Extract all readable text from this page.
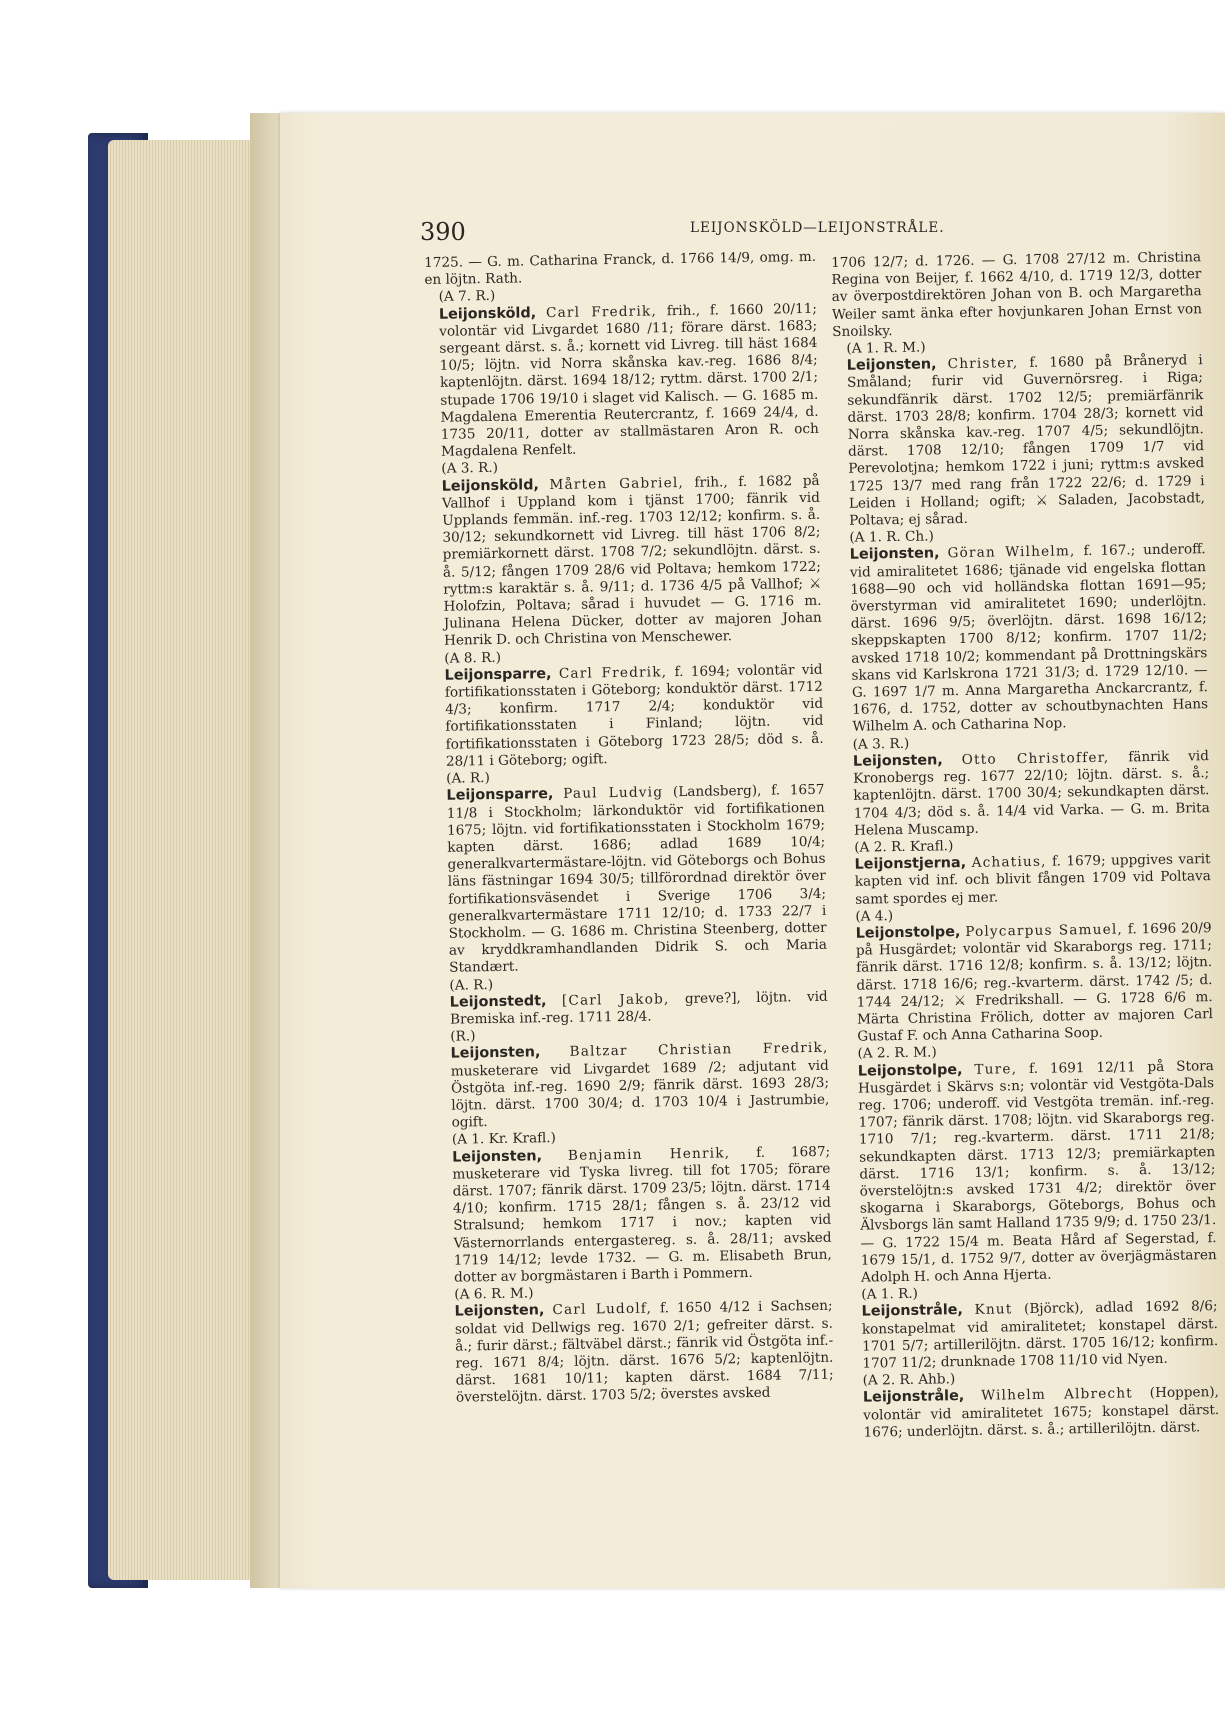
390	LEIJONSKÖLD—LEIJONSTRÅLE.

1725. — G. m. Catharina Franck, d. 1766 14/9, omg. m. en löjtn. Rath.

(A 7. R.)

Leijonsköld, Carl Fredrik, frih., f. 1660 20/11; volontär vid Livgardet 1680 /11; förare därst. 1683; sergeant därst. s. å.; kornett vid Livreg. till häst 1684 10/5; löjtn. vid Norra skånska kav.-reg. 1686 8/4; kaptenlöjtn. därst. 1694 18/12; ryttm. därst. 1700 2/1; stupade 1706 19/10 i slaget vid Kalisch. — G. 1685 m. Magdalena Emerentia Reutercrantz, f. 1669 24/4, d. 1735 20/11, dotter av stallmästaren Aron R. och Magdalena Renfelt.

(A 3. R.)

Leijonsköld, Mårten Gabriel, frih., f. 1682 på Vallhof i Uppland kom i tjänst 1700; fänrik vid Upplands femmän. inf.-reg. 1703 12/12; konfirm. s. å. 30/12; sekundkornett vid Livreg. till häst 1706 8/2; premiärkornett därst. 1708 7/2; sekundlöjtn. därst. s. å. 5/12; fången 1709 28/6 vid Poltava; hemkom 1722; ryttm:s karaktär s. å. 9/11; d. 1736 4/5 på Vallhof; ⚔ Holofzin, Poltava; sårad i huvudet — G. 1716 m. Julinana Helena Dücker, dotter av majoren Johan Henrik D. och Christina von Menschewer.

(A 8. R.)

Leijonsparre, Carl Fredrik, f. 1694; volontär vid fortifikationsstaten i Göteborg; konduktör därst. 1712 4/3; konfirm. 1717 2/4; konduktör vid fortifikationsstaten i Finland; löjtn. vid fortifikationsstaten i Göteborg 1723 28/5; död s. å. 28/11 i Göteborg; ogift.

(A. R.)

Leijonsparre, Paul Ludvig (Landsberg), f. 1657 11/8 i Stockholm; lärkonduktör vid fortifikationen 1675; löjtn. vid fortifikationsstaten i Stockholm 1679; kapten därst. 1686; adlad 1689 10/4; generalkvartermästare-löjtn. vid Göteborgs och Bohus läns fästningar 1694 30/5; tillförordnad direktör över fortifikationsväsendet i Sverige 1706 3/4; generalkvartermästare 1711 12/10; d. 1733 22/7 i Stockholm. — G. 1686 m. Christina Steenberg, dotter av kryddkramhandlanden Didrik S. och Maria Standært.

(A. R.)

Leijonstedt, [Carl Jakob, greve?], löjtn. vid Bremiska inf.-reg. 1711 28/4.

(R.)

Leijonsten, Baltzar Christian Fredrik, musketerare vid Livgardet 1689 /2; adjutant vid Östgöta inf.-reg. 1690 2/9; fänrik därst. 1693 28/3; löjtn. därst. 1700 30/4; d. 1703 10/4 i Jastrumbie, ogift.

(A 1. Kr. Krafl.)

Leijonsten, Benjamin Henrik, f. 1687; musketerare vid Tyska livreg. till fot 1705; förare därst. 1707; fänrik därst. 1709 23/5; löjtn. därst. 1714 4/10; konfirm. 1715 28/1; fången s. å. 23/12 vid Stralsund; hemkom 1717 i nov.; kapten vid Västernorrlands entergastereg. s. å. 28/11; avsked 1719 14/12; levde 1732. — G. m. Elisabeth Brun, dotter av borgmästaren i Barth i Pommern.

(A 6. R. M.)

Leijonsten, Carl Ludolf, f. 1650 4/12 i Sachsen; soldat vid Dellwigs reg. 1670 2/1; gefreiter därst. s. å.; furir därst.; fältväbel därst.; fänrik vid Östgöta inf.-reg. 1671 8/4; löjtn. därst. 1676 5/2; kaptenlöjtn. därst. 1681 10/11; kapten därst. 1684 7/11; överstelöjtn. därst. 1703 5/2; överstes avsked

1706 12/7; d. 1726. — G. 1708 27/12 m. Christina Regina von Beijer, f. 1662 4/10, d. 1719 12/3, dotter av överpostdirektören Johan von B. och Margaretha Weiler samt änka efter hovjunkaren Johan Ernst von Snoilsky.

(A 1. R. M.)

Leijonsten, Christer, f. 1680 på Bråneryd i Småland; furir vid Guvernörsreg. i Riga; sekundfänrik därst. 1702 12/5; premiärfänrik därst. 1703 28/8; konfirm. 1704 28/3; kornett vid Norra skånska kav.-reg. 1707 4/5; sekundlöjtn. därst. 1708 12/10; fången 1709 1/7 vid Perevolotjna; hemkom 1722 i juni; ryttm:s avsked 1725 13/7 med rang från 1722 22/6; d. 1729 i Leiden i Holland; ogift; ⚔ Saladen, Jacobstadt, Poltava; ej sårad.

(A 1. R. Ch.)

Leijonsten, Göran Wilhelm, f. 167.; underoff. vid amiralitetet 1686; tjänade vid engelska flottan 1688—90 och vid holländska flottan 1691—95; överstyrman vid amiralitetet 1690; underlöjtn. därst. 1696 9/5; överlöjtn. därst. 1698 16/12; skeppskapten 1700 8/12; konfirm. 1707 11/2; avsked 1718 10/2; kommendant på Drottningskärs skans vid Karlskrona 1721 31/3; d. 1729 12/10. — G. 1697 1/7 m. Anna Margaretha Anckarcrantz, f. 1676, d. 1752, dotter av schoutbynachten Hans Wilhelm A. och Catharina Nop.

(A 3. R.)

Leijonsten, Otto Christoffer, fänrik vid Kronobergs reg. 1677 22/10; löjtn. därst. s. å.; kaptenlöjtn. därst. 1700 30/4; sekundkapten därst. 1704 4/3; död s. å. 14/4 vid Varka. — G. m. Brita Helena Muscamp.

(A 2. R. Krafl.)

Leijonstjerna, Achatius, f. 1679; uppgives varit kapten vid inf. och blivit fången 1709 vid Poltava samt spordes ej mer.

(A 4.)

Leijonstolpe, Polycarpus Samuel, f. 1696 20/9 på Husgärdet; volontär vid Skaraborgs reg. 1711; fänrik därst. 1716 12/8; konfirm. s. å. 13/12; löjtn. därst. 1718 16/6; reg.-kvarterm. därst. 1742 /5; d. 1744 24/12; ⚔ Fredrikshall. — G. 1728 6/6 m. Märta Christina Frölich, dotter av majoren Carl Gustaf F. och Anna Catharina Soop.

(A 2. R. M.)

Leijonstolpe, Ture, f. 1691 12/11 på Stora Husgärdet i Skärvs s:n; volontär vid Vestgöta-Dals reg. 1706; underoff. vid Vestgöta tremän. inf.-reg. 1707; fänrik därst. 1708; löjtn. vid Skaraborgs reg. 1710 7/1; reg.-kvarterm. därst. 1711 21/8; sekundkapten därst. 1713 12/3; premiärkapten därst. 1716 13/1; konfirm. s. å. 13/12; överstelöjtn:s avsked 1731 4/2; direktör över skogarna i Skaraborgs, Göteborgs, Bohus och Älvsborgs län samt Halland 1735 9/9; d. 1750 23/1. — G. 1722 15/4 m. Beata Hård af Segerstad, f. 1679 15/1, d. 1752 9/7, dotter av överjägmästaren Adolph H. och Anna Hjerta.

(A 1. R.)

Leijonstråle, Knut (Björck), adlad 1692 8/6; konstapelmat vid amiralitetet; konstapel därst. 1701 5/7; artillerilöjtn. därst. 1705 16/12; konfirm. 1707 11/2; drunknade 1708 11/10 vid Nyen.

(A 2. R. Ahb.)

Leijonstråle, Wilhelm Albrecht (Hoppen), volontär vid amiralitetet 1675; konstapel därst. 1676; underlöjtn. därst. s. å.; artillerilöjtn. därst.
